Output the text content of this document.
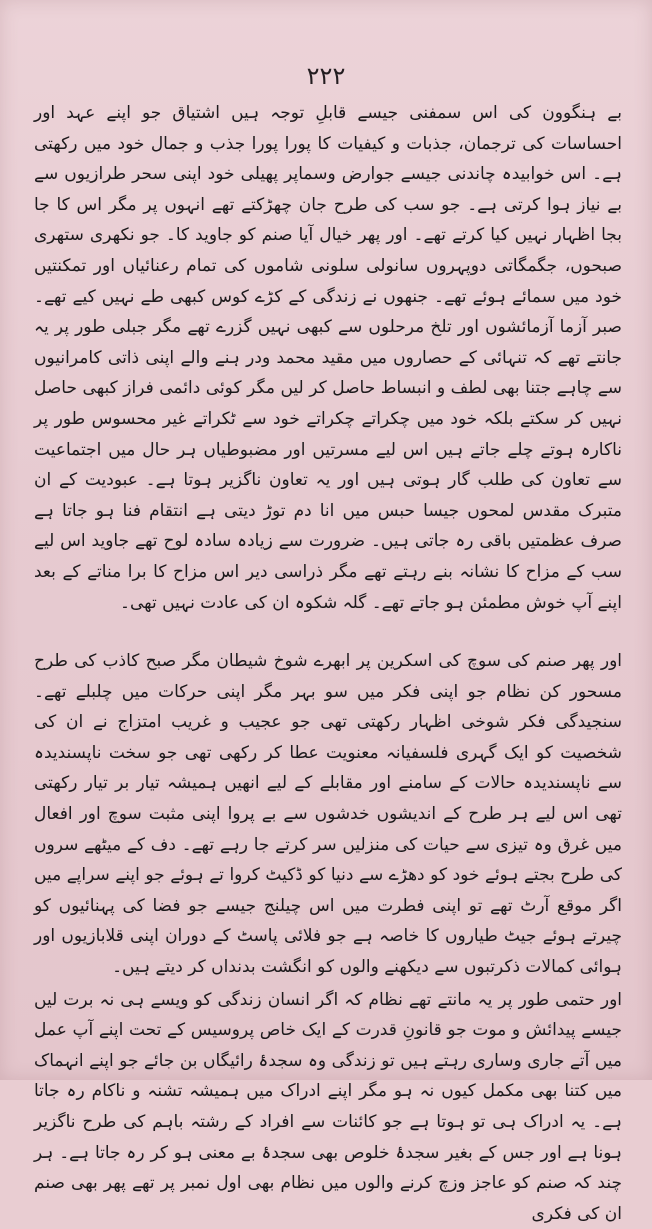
۲۲۲

بے ہنگوون کی اس سمفنی جیسے قابلِ توجہ ہیں اشتیاق جو اپنے عہد اور احساسات کی ترجمان، جذبات و کیفیات کا پورا پورا جذب و جمال خود میں رکھتی ہے۔ اس خوابیدہ چاندنی جیسے جوارض وسماپر پھیلی خود اپنی سحر طرازیوں سے بے نیاز ہوا کرتی ہے۔ جو سب کی طرح جان چھڑکتے تھے انہوں پر مگر اس کا جا بجا اظہار نہیں کیا کرتے تھے۔ اور پھر خیال آیا صنم کو جاوید کا۔ جو نکھری ستھری صبحوں، جگمگاتی دوپہروں سانولی سلونی شاموں کی تمام رعنائیاں اور تمکنتیں خود میں سمائے ہوئے تھے۔ جنھوں نے زندگی کے کڑے کوس کبھی طے نہیں کیے تھے۔ صبر آزما آزمائشوں اور تلخ مرحلوں سے کبھی نہیں گزرے تھے مگر جبلی طور پر یہ جانتے تھے کہ تنہائی کے حصاروں میں مقید محمد ودر ہنے والے اپنی ذاتی کامرانیوں سے چاہے جتنا بھی لطف و انبساط حاصل کر لیں مگر کوئی دائمی فراز کبھی حاصل نہیں کر سکتے بلکہ خود میں چکراتے چکراتے خود سے ٹکراتے غیر محسوس طور پر ناکارہ ہوتے چلے جاتے ہیں اس لیے مسرتیں اور مضبوطیاں ہر حال میں اجتماعیت سے تعاون کی طلب گار ہوتی ہیں اور یہ تعاون ناگزیر ہوتا ہے۔ عبودیت کے ان متبرک مقدس لمحوں جیسا حبس میں انا دم توڑ دیتی ہے انتقام فنا ہو جاتا ہے صرف عظمتیں باقی رہ جاتی ہیں۔ ضرورت سے زیادہ سادہ لوح تھے جاوید اس لیے سب کے مزاح کا نشانہ بنے رہتے تھے مگر ذراسی دیر اس مزاح کا برا مناتے کے بعد اپنے آپ خوش مطمئن ہو جاتے تھے۔ گلہ شکوہ ان کی عادت نہیں تھی۔

اور پھر صنم کی سوچ کی اسکرین پر ابھرے شوخ شیطان مگر صبح کاذب کی طرح مسحور کن نظام جو اپنی فکر میں سو بہر مگر اپنی حرکات میں چلبلے تھے۔ سنجیدگی فکر شوخی اظہار رکھتی تھی جو عجیب و غریب امتزاج نے ان کی شخصیت کو ایک گہری فلسفیانہ معنویت عطا کر رکھی تھی جو سخت ناپسندیدہ سے ناپسندیدہ حالات کے سامنے اور مقابلے کے لیے انھیں ہمیشہ تیار بر تیار رکھتی تھی اس لیے ہر طرح کے اندیشوں خدشوں سے بے پروا اپنی مثبت سوچ اور افعال میں غرق وہ تیزی سے حیات کی منزلیں سر کرتے جا رہے تھے۔ دف کے میٹھے سروں کی طرح بجتے ہوئے خود کو دھڑے سے دنیا کو ڈکیٹ کروا تے ہوئے جو اپنے سراپے میں اگر موقع آرٹ تھے تو اپنی فطرت میں اس چیلنج جیسے جو فضا کی پہنائیوں کو چیرتے ہوئے جیٹ طیاروں کا خاصہ ہے جو فلائی پاسٹ کے دوران اپنی قلابازیوں اور ہوائی کمالات ذکرتبوں سے دیکھنے والوں کو انگشت بدنداں کر دیتے ہیں۔

اور حتمی طور پر یہ مانتے تھے نظام کہ اگر انسان زندگی کو ویسے ہی نہ برت لیں جیسے پیدائش و موت جو قانونِ قدرت کے ایک خاص پروسیس کے تحت اپنے آپ عمل میں آتے جاری وساری رہتے ہیں تو زندگی وہ سجدۂ رائیگاں بن جائے جو اپنے انہماک میں کتنا بھی مکمل کیوں نہ ہو مگر اپنے ادراک میں ہمیشہ تشنہ و ناکام رہ جاتا ہے۔ یہ ادراک ہی تو ہوتا ہے جو کائنات سے افراد کے رشتہ باہم کی طرح ناگزیر ہونا ہے اور جس کے بغیر سجدۂ خلوص بھی سجدۂ بے معنی ہو کر رہ جاتا ہے۔ ہر چند کہ صنم کو عاجز وزچ کرنے والوں میں نظام بھی اول نمبر پر تھے پھر بھی صنم ان کی فکری
